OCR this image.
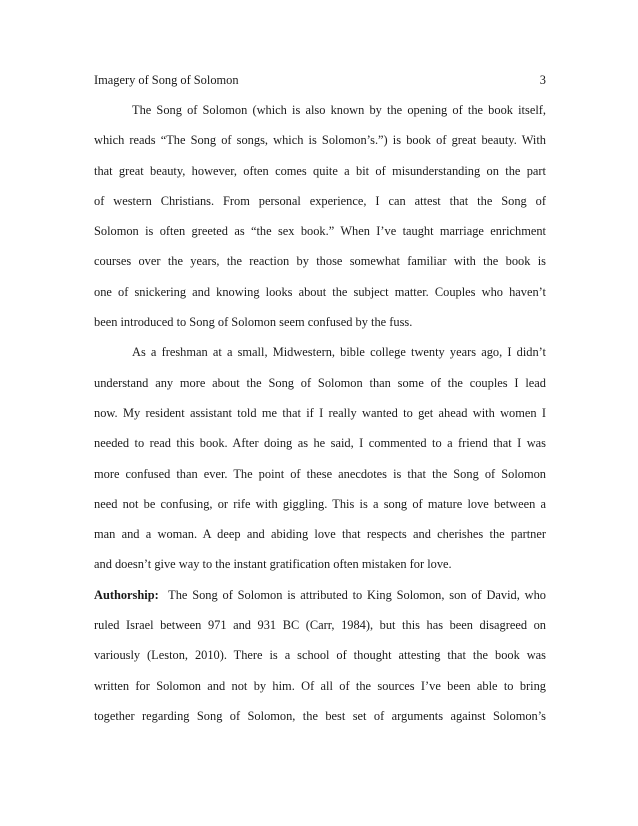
Imagery of Song of Solomon	3
The Song of Solomon (which is also known by the opening of the book itself,
which reads “The Song of songs, which is Solomon’s.”) is book of great beauty. With
that great beauty, however, often comes quite a bit of misunderstanding on the part
of western Christians. From personal experience, I can attest that the Song of
Solomon is often greeted as “the sex book.” When I’ve taught marriage enrichment
courses over the years, the reaction by those somewhat familiar with the book is
one of snickering and knowing looks about the subject matter. Couples who haven’t
been introduced to Song of Solomon seem confused by the fuss.
As a freshman at a small, Midwestern, bible college twenty years ago, I didn’t
understand any more about the Song of Solomon than some of the couples I lead
now. My resident assistant told me that if I really wanted to get ahead with women I
needed to read this book. After doing as he said, I commented to a friend that I was
more confused than ever. The point of these anecdotes is that the Song of Solomon
need not be confusing, or rife with giggling. This is a song of mature love between a
man and a woman. A deep and abiding love that respects and cherishes the partner
and doesn’t give way to the instant gratification often mistaken for love.
Authorship: The Song of Solomon is attributed to King Solomon, son of David, who
ruled Israel between 971 and 931 BC (Carr, 1984), but this has been disagreed on
variously (Leston, 2010). There is a school of thought attesting that the book was
written for Solomon and not by him. Of all of the sources I’ve been able to bring
together regarding Song of Solomon, the best set of arguments against Solomon’s
